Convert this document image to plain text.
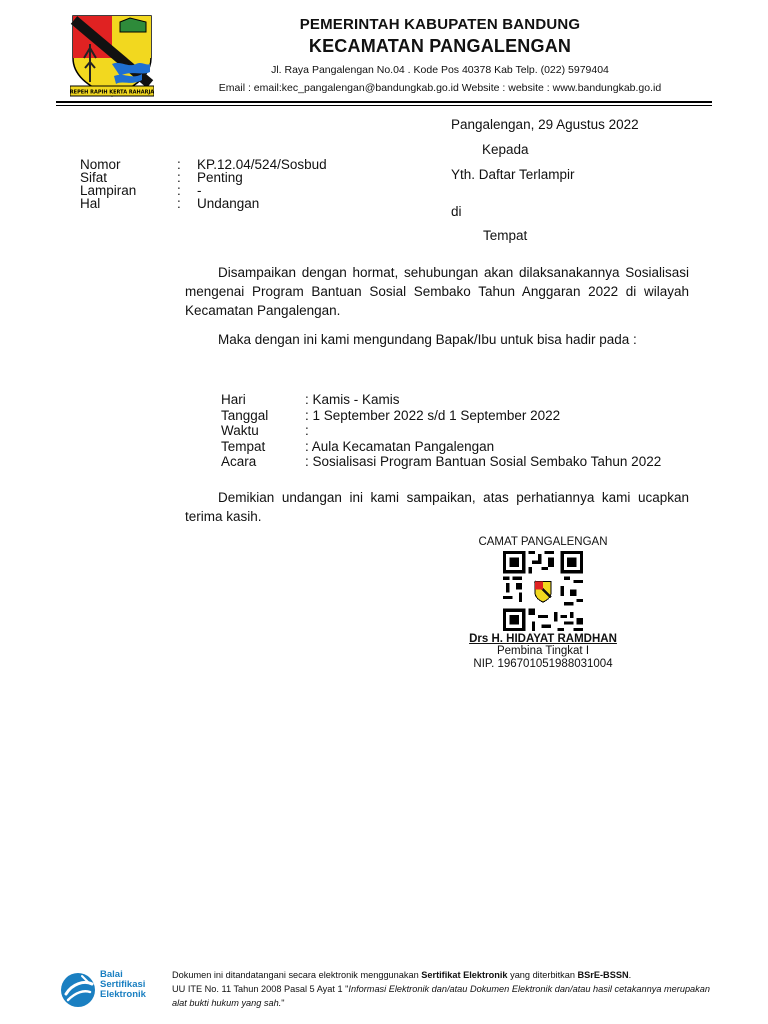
REPEH RAPIH KERTA RAHARJA
PEMERINTAH KABUPATEN BANDUNG
KECAMATAN PANGALENGAN
Jl. Raya Pangalengan No.04 . Kode Pos 40378 Kab Telp. (022) 5979404
Email : email:kec_pangalengan@bandungkab.go.id Website : website : www.bandungkab.go.id
Pangalengan, 29 Agustus 2022
Kepada
Yth. Daftar Terlampir
di
Tempat
Nomor	:	KP.12.04/524/Sosbud
Sifat	:	Penting
Lampiran	:	-
Hal	:	Undangan
Disampaikan dengan hormat, sehubungan akan dilaksanakannya Sosialisasi mengenai Program Bantuan Sosial Sembako Tahun Anggaran 2022 di wilayah Kecamatan Pangalengan.
Maka dengan ini kami mengundang Bapak/Ibu untuk bisa hadir pada :
Hari	: Kamis - Kamis
Tanggal	: 1 September 2022 s/d 1 September 2022
Waktu	:
Tempat	: Aula Kecamatan Pangalengan
Acara	: Sosialisasi Program Bantuan Sosial Sembako Tahun 2022
Demikian undangan ini kami sampaikan, atas perhatiannya kami ucapkan terima kasih.
CAMAT PANGALENGAN
Drs H. HIDAYAT RAMDHAN
Pembina Tingkat I
NIP. 196701051988031004
Balai
Sertifikasi
Elektronik
Dokumen ini ditandatangani secara elektronik menggunakan Sertifikat Elektronik yang diterbitkan BSrE-BSSN.
UU ITE No. 11 Tahun 2008 Pasal 5 Ayat 1 "Informasi Elektronik dan/atau Dokumen Elektronik dan/atau hasil cetakannya merupakan alat bukti hukum yang sah."
